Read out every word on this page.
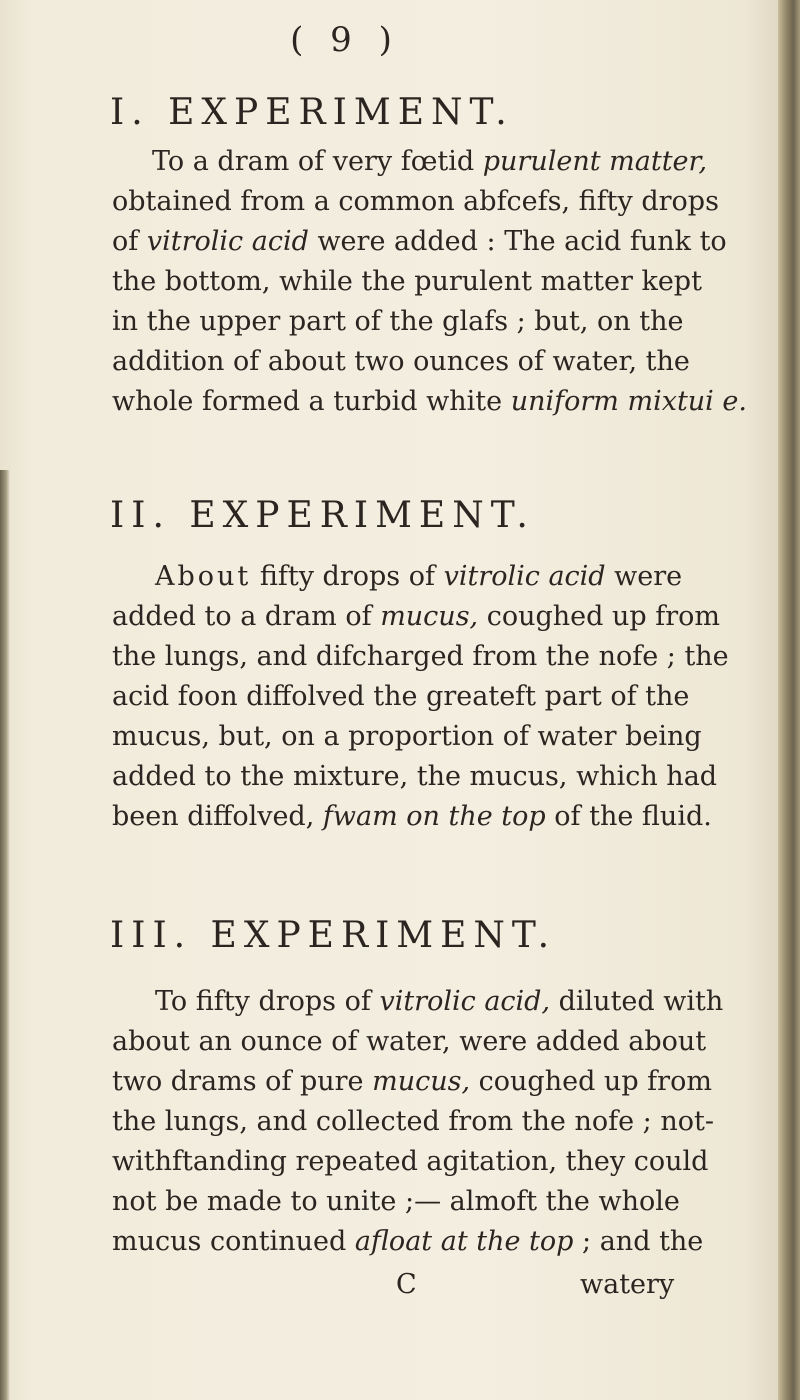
( 9 )
I. EXPERIMENT.
To a dram of very fœtid purulent matter,
obtained from a common abfcefs, fifty drops
of vitrolic acid were added : The acid funk to
the bottom, while the purulent matter kept
in the upper part of the glafs ; but, on the
addition of about two ounces of water, the
whole formed a turbid white uniform mixtui e.
II. EXPERIMENT.
About fifty drops of vitrolic acid were
added to a dram of mucus, coughed up from
the lungs, and difcharged from the nofe ; the
acid foon diffolved the greateft part of the
mucus, but, on a proportion of water being
added to the mixture, the mucus, which had
been diffolved, fwam on the top of the fluid.
III. EXPERIMENT.
To fifty drops of vitrolic acid, diluted with
about an ounce of water, were added about
two drams of pure mucus, coughed up from
the lungs, and collected from the nofe ; not-
withftanding repeated agitation, they could
not be made to unite ;— almoft the whole
mucus continued afloat at the top ; and the
C	watery
